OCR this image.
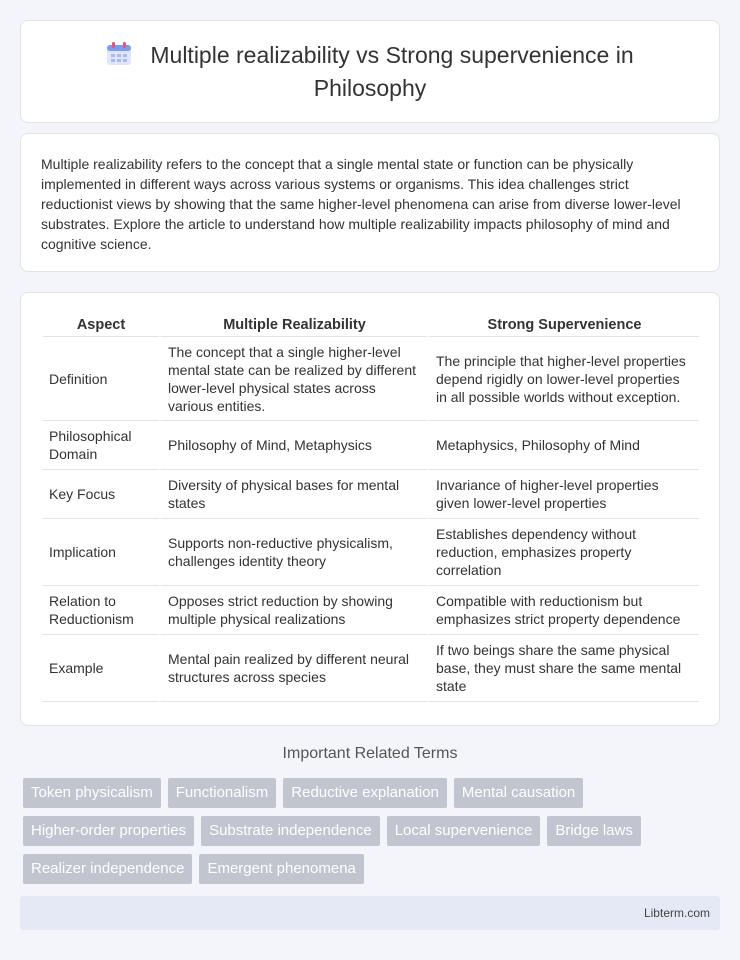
Multiple realizability vs Strong supervenience in Philosophy

Multiple realizability refers to the concept that a single mental state or function can be physically implemented in different ways across various systems or organisms. This idea challenges strict reductionist views by showing that the same higher-level phenomena can arise from diverse lower-level substrates. Explore the article to understand how multiple realizability impacts philosophy of mind and cognitive science.

Aspect	Multiple Realizability	Strong Supervenience
Definition	The concept that a single higher-level mental state can be realized by different lower-level physical states across various entities.	The principle that higher-level properties depend rigidly on lower-level properties in all possible worlds without exception.
Philosophical Domain	Philosophy of Mind, Metaphysics	Metaphysics, Philosophy of Mind
Key Focus	Diversity of physical bases for mental states	Invariance of higher-level properties given lower-level properties
Implication	Supports non-reductive physicalism, challenges identity theory	Establishes dependency without reduction, emphasizes property correlation
Relation to Reductionism	Opposes strict reduction by showing multiple physical realizations	Compatible with reductionism but emphasizes strict property dependence
Example	Mental pain realized by different neural structures across species	If two beings share the same physical base, they must share the same mental state
Important Related Terms
Token physicalism	Functionalism	Reductive explanation	Mental causation
Higher-order properties	Substrate independence	Local supervenience	Bridge laws
Realizer independence	Emergent phenomena
Libterm.com
